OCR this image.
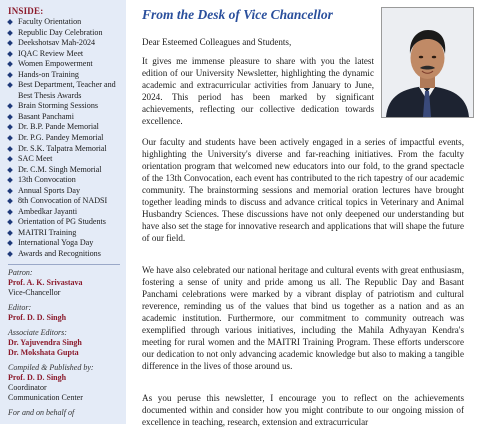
INSIDE:
Faculty Orientation
Republic Day Celebration
Deekshotsav Mah-2024
IQAC Review Meet
Women Empowerment
Hands-on Training
Best Department, Teacher and Best Thesis Awards
Brain Storming Sessions
Basant Panchami
Dr. B.P. Pande Memorial
Dr. P.G. Pandey Memorial
Dr. S.K. Talpatra Memorial
SAC Meet
Dr. C.M. Singh Memorial
13th Convocation
Annual Sports Day
8th Convocation of NADSI
Ambedkar Jayanti
Orientation of PG Students
MAITRI Training
International Yoga Day
Awards and Recognitions
Patron:
Prof. A. K. Srivastava
Vice-Chancellor
Editor:
Prof. D. D. Singh
Associate Editors:
Dr. Yajuvendra Singh
Dr. Mokshata Gupta
Compiled & Published by:
Prof. D. D. Singh
Coordinator
Communication Center
For and on behalf of
From the Desk of Vice Chancellor
Dear Esteemed Colleagues and Students,
It gives me immense pleasure to share with you the latest edition of our University Newsletter, highlighting the dynamic academic and extracurricular activities from January to June, 2024. This period has been marked by significant achievements, reflecting our collective dedication towards excellence.
Our faculty and students have been actively engaged in a series of impactful events, highlighting the University's diverse and far-reaching initiatives. From the faculty orientation program that welcomed new educators into our fold, to the grand spectacle of the 13th Convocation, each event has contributed to the rich tapestry of our academic community. The brainstorming sessions and memorial oration lectures have brought together leading minds to discuss and advance critical topics in Veterinary and Animal Husbandry Sciences. These discussions have not only deepened our understanding but have also set the stage for innovative research and applications that will shape the future of our field.
We have also celebrated our national heritage and cultural events with great enthusiasm, fostering a sense of unity and pride among us all. The Republic Day and Basant Panchami celebrations were marked by a vibrant display of patriotism and cultural reverence, reminding us of the values that bind us together as a nation and as an academic institution. Furthermore, our commitment to community outreach was exemplified through various initiatives, including the Mahila Adhyayan Kendra's meeting for rural women and the MAITRI Training Program. These efforts underscore our dedication to not only advancing academic knowledge but also to making a tangible difference in the lives of those around us.
As you peruse this newsletter, I encourage you to reflect on the achievements documented within and consider how you might contribute to our ongoing mission of excellence in teaching, research, extension and extracurricular
